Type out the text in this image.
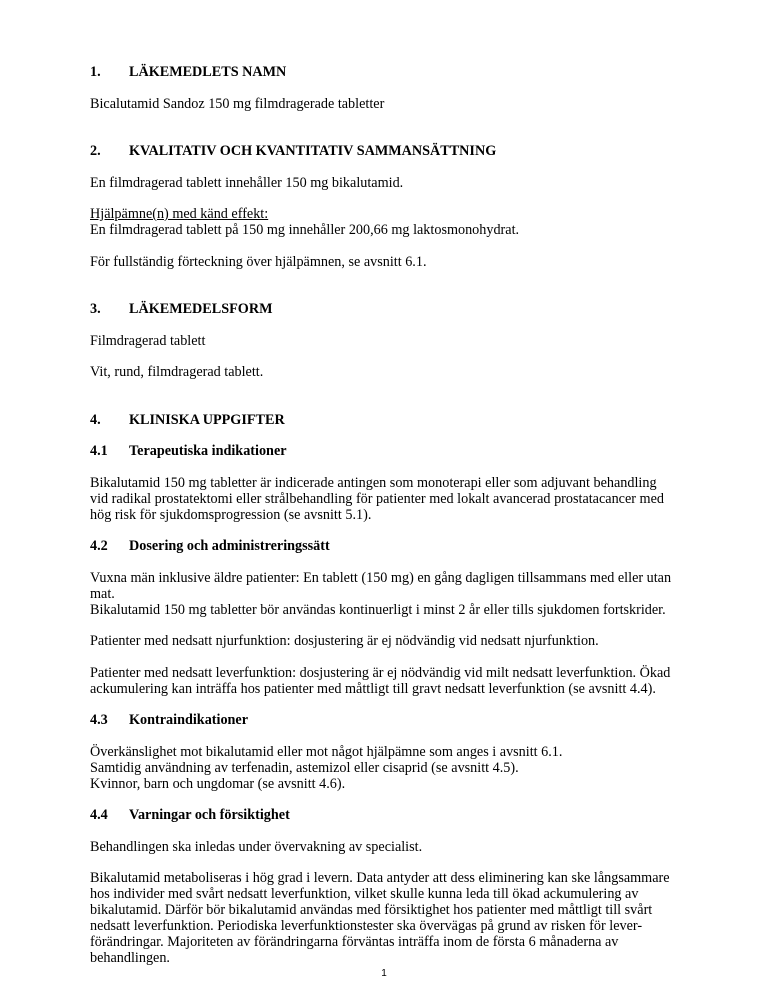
1. LÄKEMEDLETS NAMN
Bicalutamid Sandoz 150 mg filmdragerade tabletter
2. KVALITATIV OCH KVANTITATIV SAMMANSÄTTNING
En filmdragerad tablett innehåller 150 mg bikalutamid.
Hjälpämne(n) med känd effekt:
En filmdragerad tablett på 150 mg innehåller 200,66 mg laktosmonohydrat.
För fullständig förteckning över hjälpämnen, se avsnitt 6.1.
3. LÄKEMEDELSFORM
Filmdragerad tablett
Vit, rund, filmdragerad tablett.
4. KLINISKA UPPGIFTER
4.1 Terapeutiska indikationer
Bikalutamid 150 mg tabletter är indicerade antingen som monoterapi eller som adjuvant behandling
vid radikal prostatektomi eller strålbehandling för patienter med lokalt avancerad prostatacancer med
hög risk för sjukdomsprogression (se avsnitt 5.1).
4.2 Dosering och administreringssätt
Vuxna män inklusive äldre patienter: En tablett (150 mg) en gång dagligen tillsammans med eller utan
mat.
Bikalutamid 150 mg tabletter bör användas kontinuerligt i minst 2 år eller tills sjukdomen fortskrider.
Patienter med nedsatt njurfunktion: dosjustering är ej nödvändig vid nedsatt njurfunktion.
Patienter med nedsatt leverfunktion: dosjustering är ej nödvändig vid milt nedsatt leverfunktion. Ökad
ackumulering kan inträffa hos patienter med måttligt till gravt nedsatt leverfunktion (se avsnitt 4.4).
4.3 Kontraindikationer
Överkänslighet mot bikalutamid eller mot något hjälpämne som anges i avsnitt 6.1.
Samtidig användning av terfenadin, astemizol eller cisaprid (se avsnitt 4.5).
Kvinnor, barn och ungdomar (se avsnitt 4.6).
4.4 Varningar och försiktighet
Behandlingen ska inledas under övervakning av specialist.
Bikalutamid metaboliseras i hög grad i levern. Data antyder att dess eliminering kan ske långsammare
hos individer med svårt nedsatt leverfunktion, vilket skulle kunna leda till ökad ackumulering av
bikalutamid. Därför bör bikalutamid användas med försiktighet hos patienter med måttligt till svårt
nedsatt leverfunktion. Periodiska leverfunktionstester ska övervägas på grund av risken för lever-
förändringar. Majoriteten av förändringarna förväntas inträffa inom de första 6 månaderna av
behandlingen.
1
